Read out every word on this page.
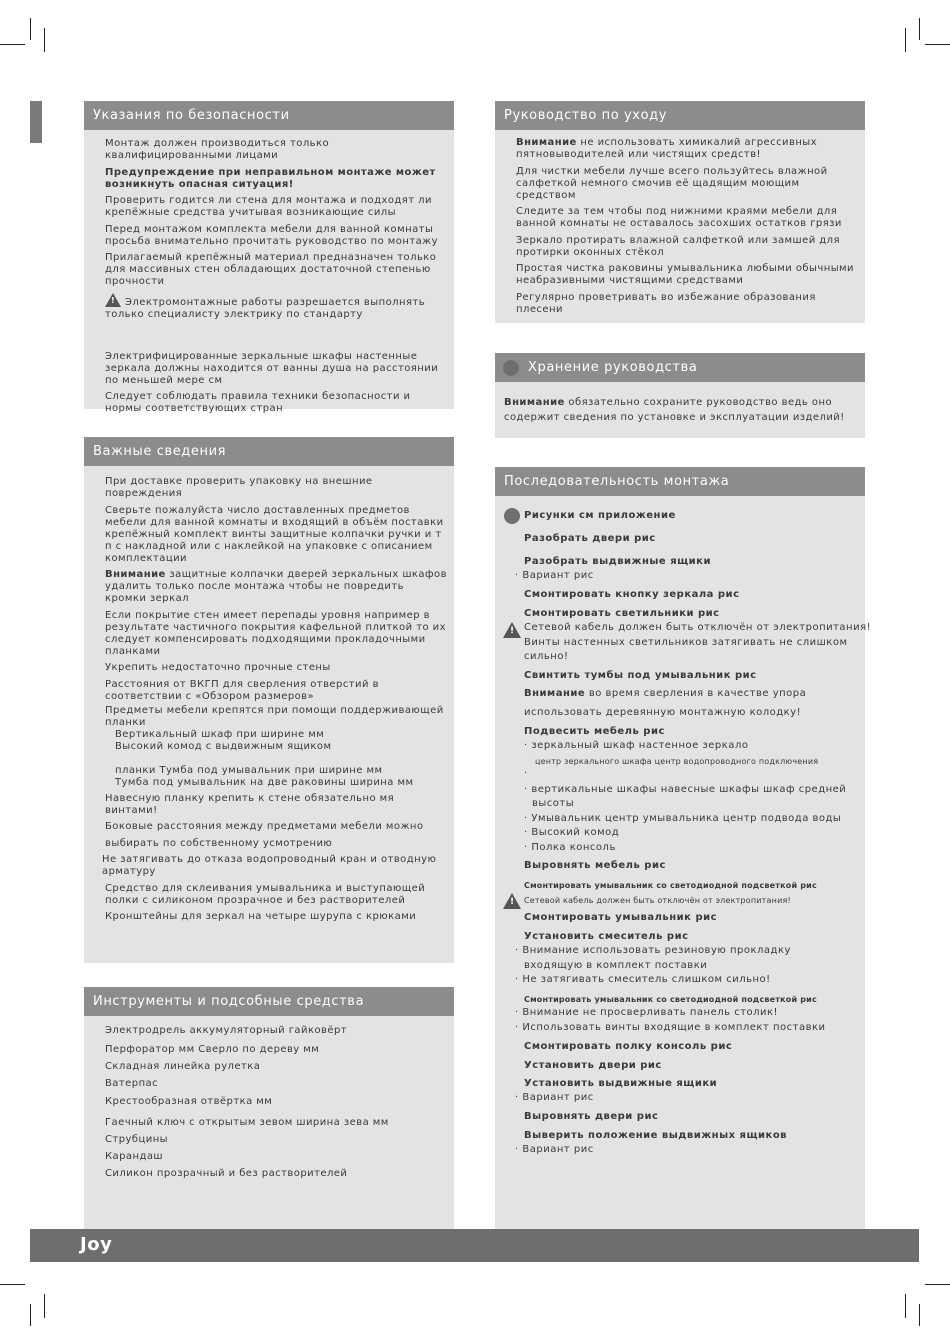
Указания по безопасности

Монтаж должен производиться только квалифицированными лицами

Предупреждение при неправильном монтаже может возникнуть опасная ситуация!

Проверить годится ли стена для монтажа и подходят ли крепёжные средства учитывая возникающие силы

Перед монтажом комплекта мебели для ванной комнаты просьба внимательно прочитать руководство по монтажу

Прилагаемый крепёжный материал предназначен только для массивных стен обладающих достаточной степенью прочности

! Электромонтажные работы разрешается выполнять только специалисту электрику по стандарту

Электрифицированные зеркальные шкафы настенные зеркала должны находится от ванны душа на расстоянии по меньшей мере см

Следует соблюдать правила техники безопасности и нормы соответствующих стран

Важные сведения

При доставке проверить упаковку на внешние повреждения

Сверьте пожалуйста число доставленных предметов мебели для ванной комнаты и входящий в объём поставки крепёжный комплект винты защитные колпачки ручки и т п с накладной или с наклейкой на упаковке с описанием комплектации

Внимание защитные колпачки дверей зеркальных шкафов удалить только после монтажа чтобы не повредить кромки зеркал

Если покрытие стен имеет перепады уровня например в результате частичного покрытия кафельной плиткой то их следует компенсировать подходящими прокладочными планками

Укрепить недостаточно прочные стены

Расстояния от ВКГП для сверления отверстий в соответствии с «Обзором размеров»

Предметы мебели крепятся при помощи поддерживающей планки

Вертикальный шкаф при ширине мм
Высокий комод с выдвижным ящиком
планки Тумба под умывальник при ширине мм
Тумба под умывальник на две раковины ширина мм

Навесную планку крепить к стене обязательно мя винтами!

Боковые расстояния между предметами мебели можно

выбирать по собственному усмотрению

Не затягивать до отказа водопроводный кран и отводную арматуру

Средство для склеивания умывальника и выступающей полки с силиконом прозрачное и без растворителей

Кронштейны для зеркал на четыре шурупа с крюками

Инструменты и подсобные средства
Электродрель аккумуляторный гайковёрт
Перфоратор мм Сверло по дереву мм
Складная линейка рулетка
Ватерпас
Крестообразная отвёртка мм
Гаечный ключ с открытым зевом ширина зева мм
Струбцины
Карандаш
Силикон прозрачный и без растворителей
Руководство по уходу

Внимание не использовать химикалий агрессивных пятновыводителей или чистящих средств!

Для чистки мебели лучше всего пользуйтесь влажной салфеткой немного смочив её щадящим моющим средством

Следите за тем чтобы под нижними краями мебели для ванной комнаты не оставалось засохших остатков грязи

Зеркало протирать влажной салфеткой или замшей для протирки оконных стёкол

Простая чистка раковины умывальника любыми обычными неабразивными чистящими средствами

Регулярно проветривать во избежание образования плесени

Хранение руководства
Внимание обязательно сохраните руководство ведь оно содержит сведения по установке и эксплуатации изделий!
Последовательность монтажа
Рисунки см приложение
Разобрать двери рис
Разобрать выдвижные ящики
· Вариант рис
Смонтировать кнопку зеркала рис
Смонтировать светильники рис
! Сетевой кабель должен быть отключён от электропитания!
Винты настенных светильников затягивать не слишком
сильно!
Свинтить тумбы под умывальник рис
Внимание во время сверления в качестве упора
использовать деревянную монтажную колодку!
Подвесить мебель рис
· зеркальный шкаф настенное зеркало
центр зеркального шкафа центр водопроводного подключения
·
· вертикальные шкафы навесные шкафы шкаф средней
высоты
· Умывальник центр умывальника центр подвода воды
· Высокий комод
· Полка консоль
Выровнять мебель рис
Смонтировать умывальник со светодиодной подсветкой рис
! Сетевой кабель должен быть отключён от электропитания!
Смонтировать умывальник рис
Установить смеситель рис
· Внимание использовать резиновую прокладку
входящую в комплект поставки
· Не затягивать смеситель слишком сильно!
Смонтировать умывальник со светодиодной подсветкой рис
· Внимание не просверливать панель столик!
· Использовать винты входящие в комплект поставки
Смонтировать полку консоль рис
Установить двери рис
Установить выдвижные ящики
· Вариант рис
Выровнять двери рис
Выверить положение выдвижных ящиков
· Вариант рис
Joy
